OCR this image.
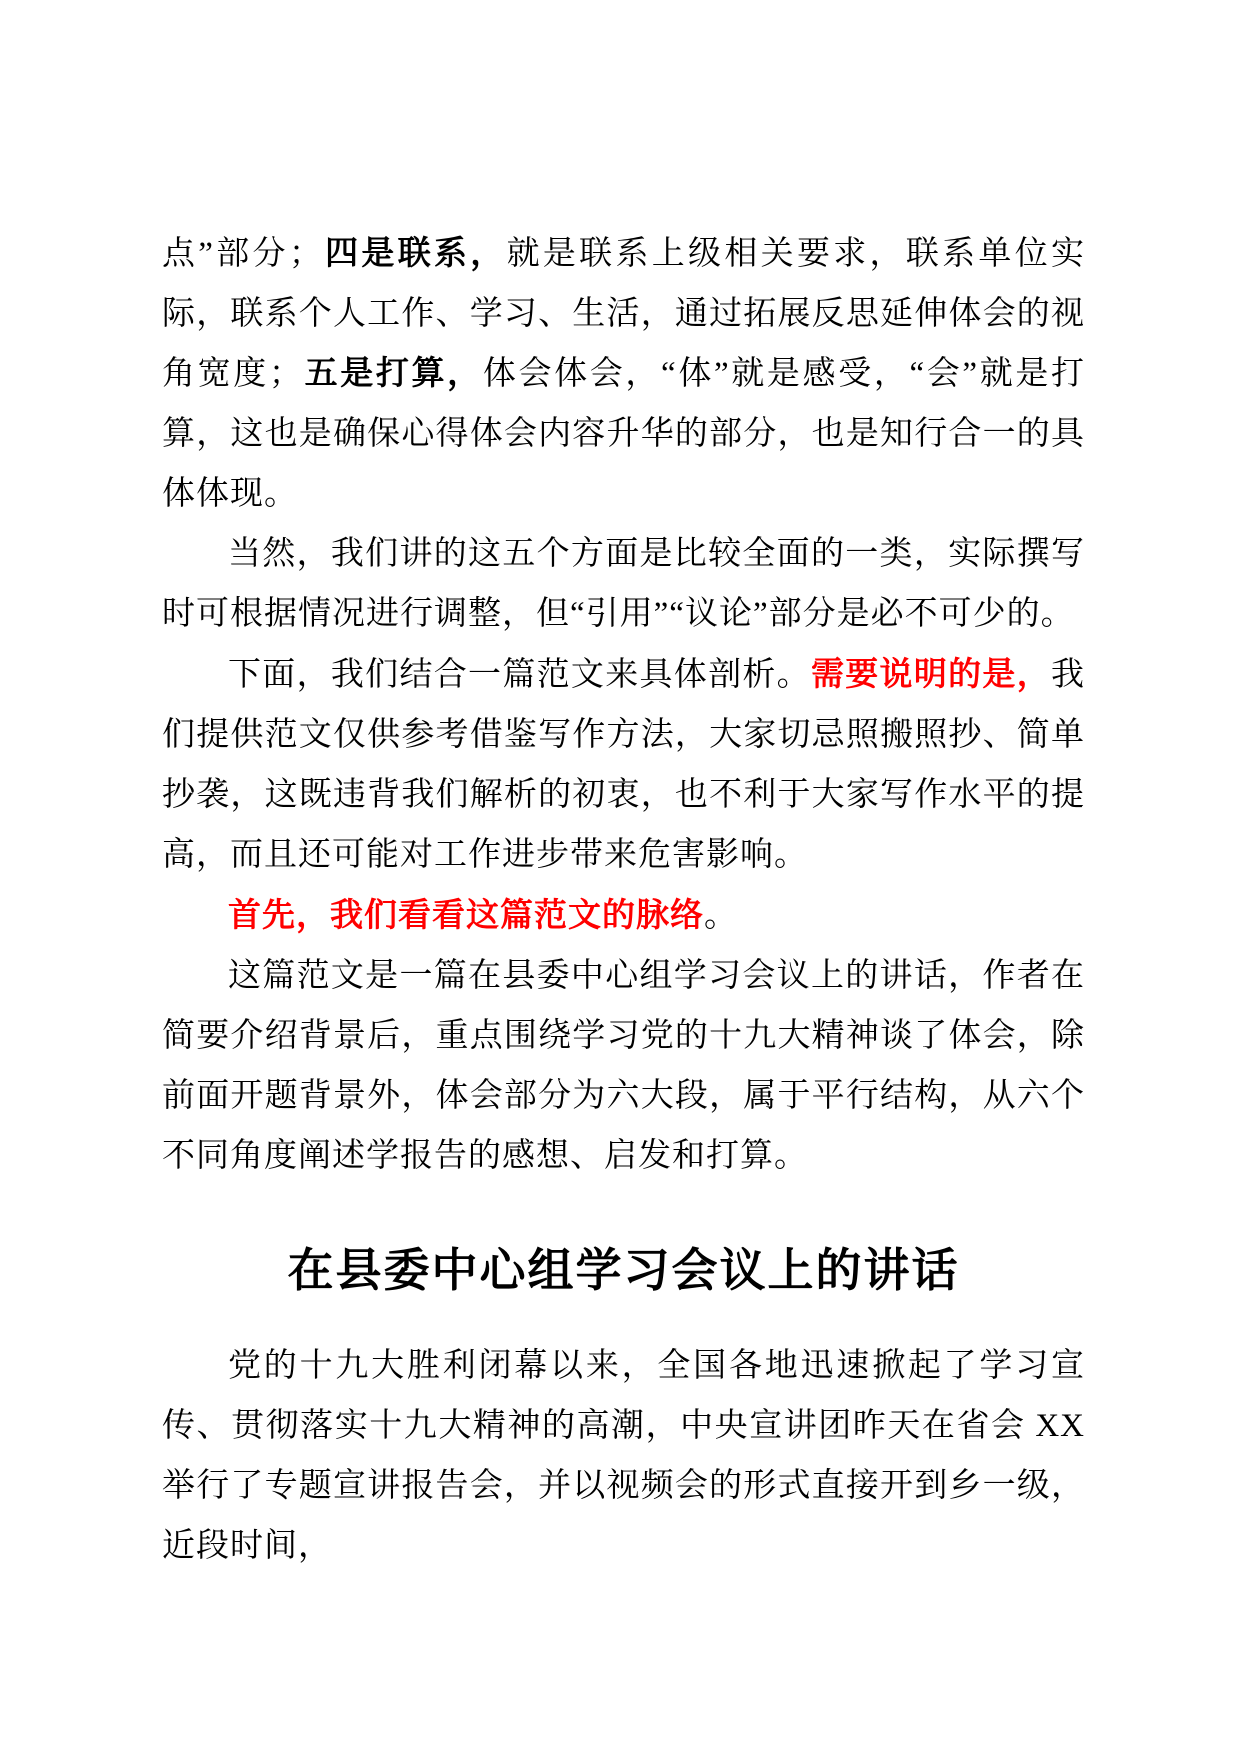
点”部分；四是联系，就是联系上级相关要求，联系单位实际，联系个人工作、学习、生活，通过拓展反思延伸体会的视角宽度；五是打算，体会体会，“体”就是感受，“会”就是打算，这也是确保心得体会内容升华的部分，也是知行合一的具体体现。

当然，我们讲的这五个方面是比较全面的一类，实际撰写时可根据情况进行调整，但“引用”“议论”部分是必不可少的。

下面，我们结合一篇范文来具体剖析。需要说明的是，我们提供范文仅供参考借鉴写作方法，大家切忌照搬照抄、简单抄袭，这既违背我们解析的初衷，也不利于大家写作水平的提高，而且还可能对工作进步带来危害影响。

首先，我们看看这篇范文的脉络。

这篇范文是一篇在县委中心组学习会议上的讲话，作者在简要介绍背景后，重点围绕学习党的十九大精神谈了体会，除前面开题背景外，体会部分为六大段，属于平行结构，从六个不同角度阐述学报告的感想、启发和打算。

在县委中心组学习会议上的讲话

党的十九大胜利闭幕以来，全国各地迅速掀起了学习宣传、贯彻落实十九大精神的高潮，中央宣讲团昨天在省会 XX 举行了专题宣讲报告会，并以视频会的形式直接开到乡一级，近段时间，
